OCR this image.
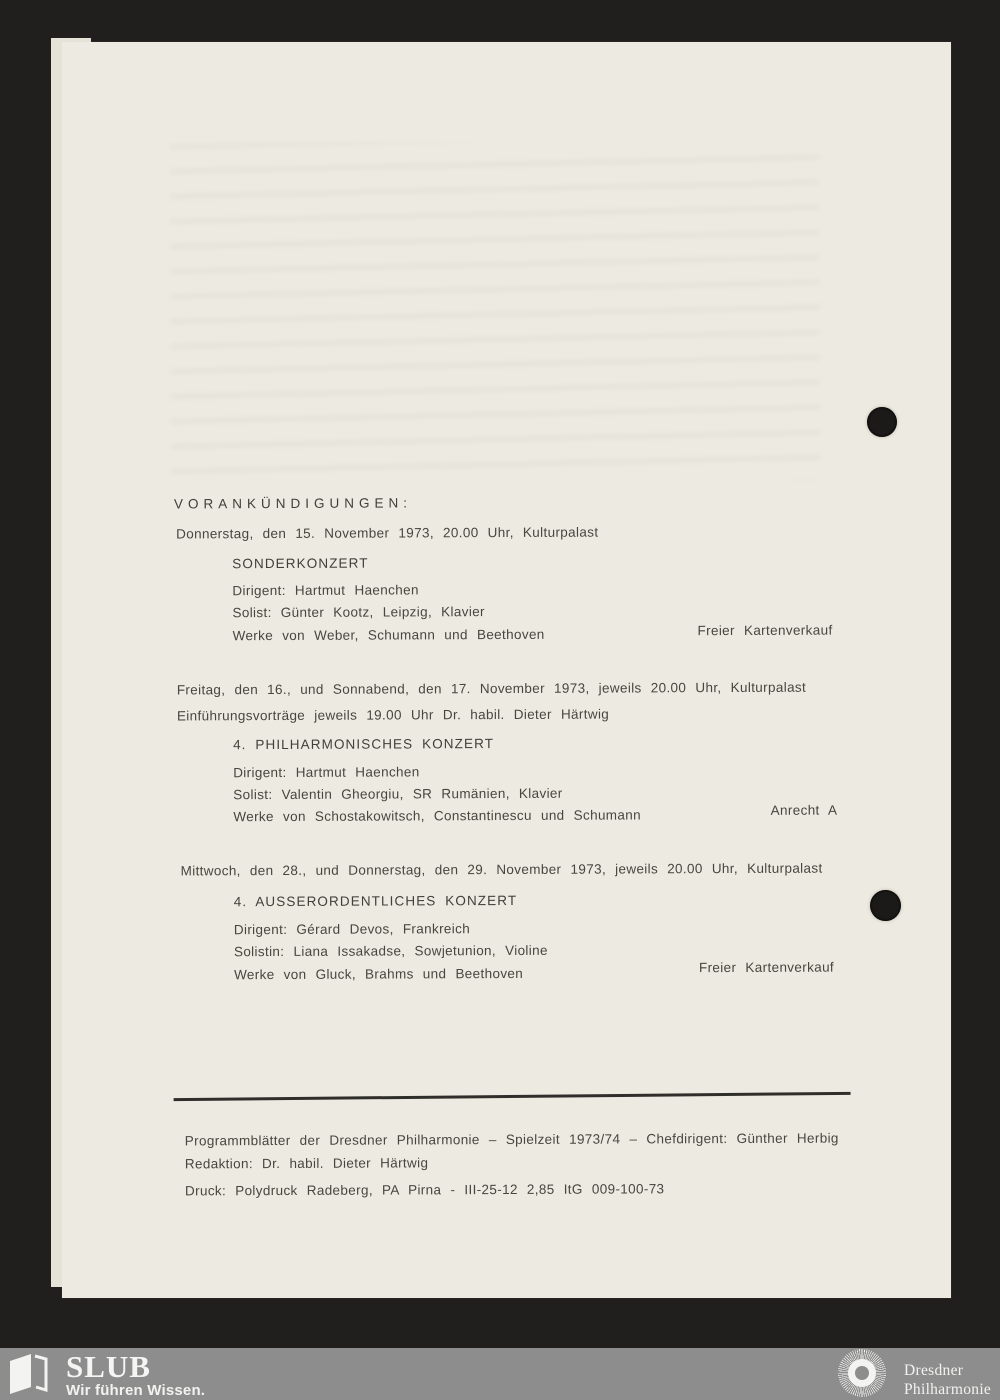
VORANKÜNDIGUNGEN:
Donnerstag, den 15. November 1973, 20.00 Uhr, Kulturpalast
SONDERKONZERT
Dirigent: Hartmut Haenchen
Solist: Günter Kootz, Leipzig, Klavier
Werke von Weber, Schumann und Beethoven	Freier Kartenverkauf
Freitag, den 16., und Sonnabend, den 17. November 1973, jeweils 20.00 Uhr, Kulturpalast
Einführungsvorträge jeweils 19.00 Uhr Dr. habil. Dieter Härtwig
4. PHILHARMONISCHES KONZERT
Dirigent: Hartmut Haenchen
Solist: Valentin Gheorgiu, SR Rumänien, Klavier
Werke von Schostakowitsch, Constantinescu und Schumann	Anrecht A
Mittwoch, den 28., und Donnerstag, den 29. November 1973, jeweils 20.00 Uhr, Kulturpalast
4. AUSSERORDENTLICHES KONZERT
Dirigent: Gérard Devos, Frankreich
Solistin: Liana Issakadse, Sowjetunion, Violine
Werke von Gluck, Brahms und Beethoven	Freier Kartenverkauf
Programmblätter der Dresdner Philharmonie – Spielzeit 1973/74 – Chefdirigent: Günther Herbig
Redaktion: Dr. habil. Dieter Härtwig
Druck: Polydruck Radeberg, PA Pirna - III-25-12 2,85 ItG 009-100-73
SLUB
Wir führen Wissen.
Dresdner
Philharmonie
